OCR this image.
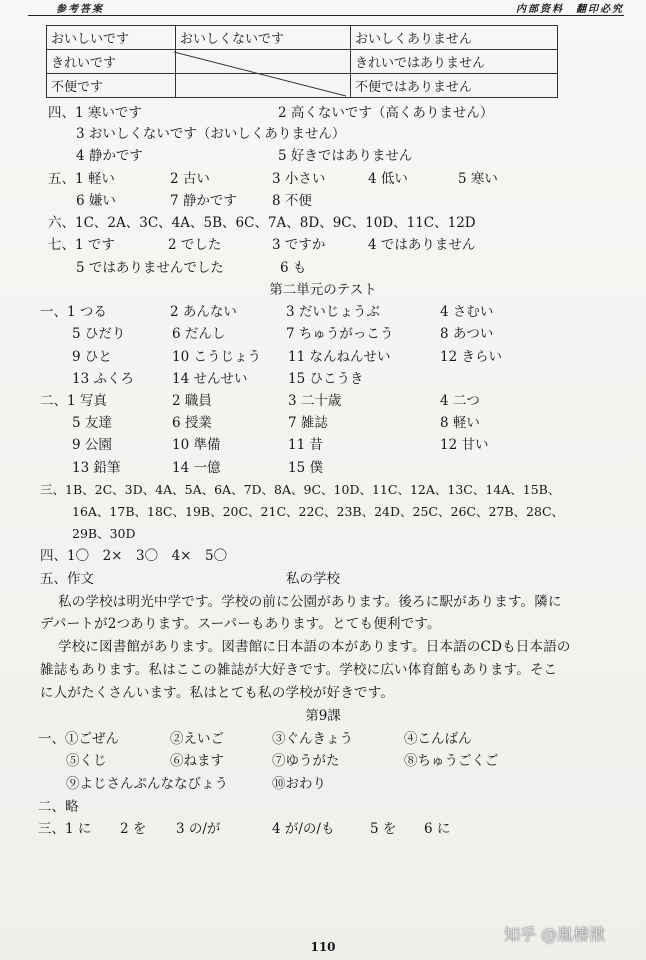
参考答案	内部资料　翻印必究
おいしいです	おいしくないです	おいしくありません
きれいです		きれいではありません
不便です		不便ではありません
四、1 寒いです	2 高くないです（高くありません）
3 おいしくないです（おいしくありません）
4 静かです	5 好きではありません
五、1 軽い	2 古い	3 小さい	4 低い	5 寒い
6 嫌い	7 静かです	8 不便
六、1C、2A、3C、4A、5B、6C、7A、8D、9C、10D、11C、12D
七、1 です	2 でした	3 ですか	4 ではありません
5 ではありませんでした	6 も
第二単元のテスト
一、1 つる	2 あんない	3 だいじょうぶ	4 さむい
5 ひだり	6 だんし	7 ちゅうがっこう	8 あつい
9 ひと	10 こうじょう 11 なんねんせい	12 きらい
13 ふくろ	14 せんせい	15 ひこうき
二、1 写真	2 職員	3 二十歳	4 二つ
5 友達	6 授業	7 雑誌	8 軽い
9 公園	10 準備	11 昔	12 甘い
13 鉛筆	14 一億	15 僕
三、1B、2C、3D、4A、5A、6A、7D、8A、9C、10D、11C、12A、13C、14A、15B、
16A、17B、18C、19B、20C、21C、22C、23B、24D、25C、26C、27B、28C、
29B、30D
四、1〇　2×　3〇　4×　5〇
五、作文	私の学校
私の学校は明光中学です。学校の前に公園があります。後ろに駅があります。隣に
デパートが2つあります。スーパーもあります。とても便利です。
学校に図書館があります。図書館に日本語の本があります。日本語のCDも日本語の
雑誌もあります。私はここの雑誌が大好きです。学校に広い体育館もあります。そこ
に人がたくさんいます。私はとても私の学校が好きです。
第9課
一、①ごぜん	②えいご	③ぐんきょう	④こんばん
⑤くじ	⑥ねます	⑦ゆうがた	⑧ちゅうごくご
⑨よじさんぷんななびょう	⑩おわり
二、略
三、1 に 2 を 3 の/が	4 が/の/も	5 を 6 に
知乎 @胤椿湫
110
